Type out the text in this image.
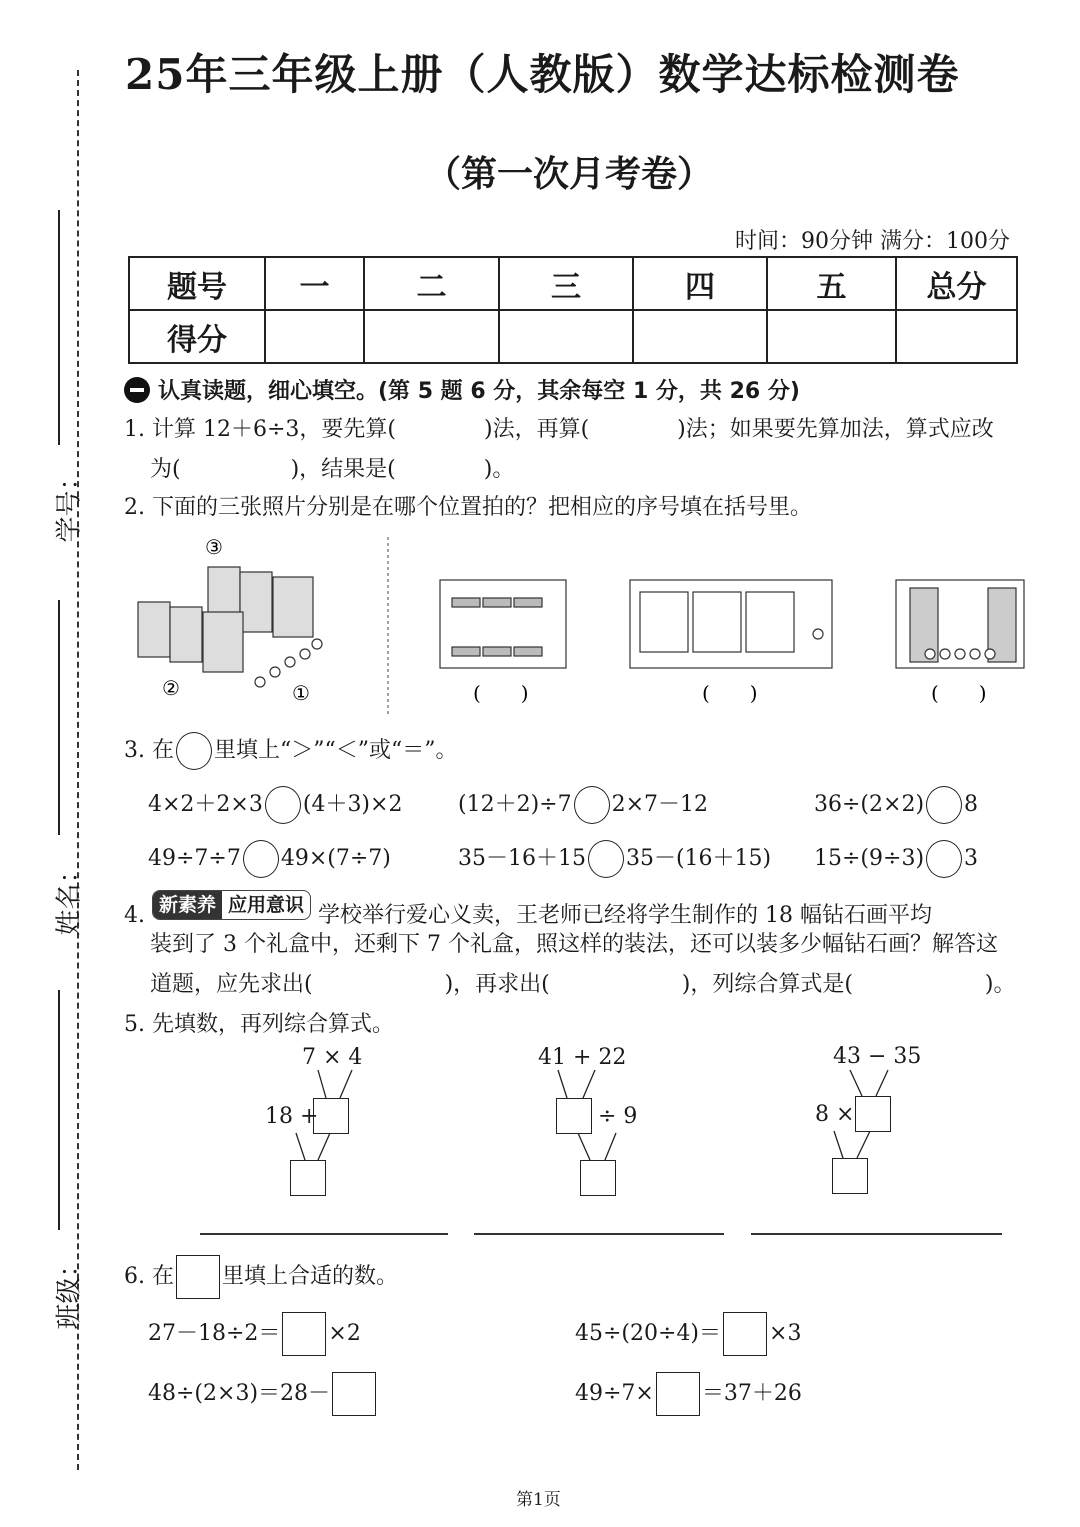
学号：
姓名：
班级：
25年三年级上册（人教版）数学达标检测卷
（第一次月考卷）
时间：90分钟 满分：100分
题号	一	二	三	四	五	总分
得分						
认真读题，细心填空。(第 5 题 6 分，其余每空 1 分，共 26 分)
1. 计算 12＋6÷3，要先算(　　　　)法，再算(　　　　)法；如果要先算加法，算式应改
为(　　　　　)，结果是(　　　　)。
2. 下面的三张照片分别是在哪个位置拍的？把相应的序号填在括号里。
③
②	①	(　　)	(　　)	(　　)
3. 在 里填上“＞”“＜”或“＝”。
4×2＋2×3 (4＋3)×2	(12＋2)÷7 2×7－12	36÷(2×2) 8
49÷7÷7 49×(7÷7)	35－16＋15 35－(16＋15) 15÷(9÷3) 3
4. 新素养 应用意识 学校举行爱心义卖，王老师已经将学生制作的 18 幅钻石画平均
装到了 3 个礼盒中，还剩下 7 个礼盒，照这样的装法，还可以装多少幅钻石画？解答这
道题，应先求出(　　　　　　)，再求出(　　　　　　)，列综合算式是(　　　　　　)。
5. 先填数，再列综合算式。
7 × 4
18 +
41 + 22
÷ 9
43 − 35
8 ×
6. 在 里填上合适的数。
27－18÷2＝ ×2	45÷(20÷4)＝ ×3
48÷(2×3)＝28－	49÷7× ＝37＋26
第1页
